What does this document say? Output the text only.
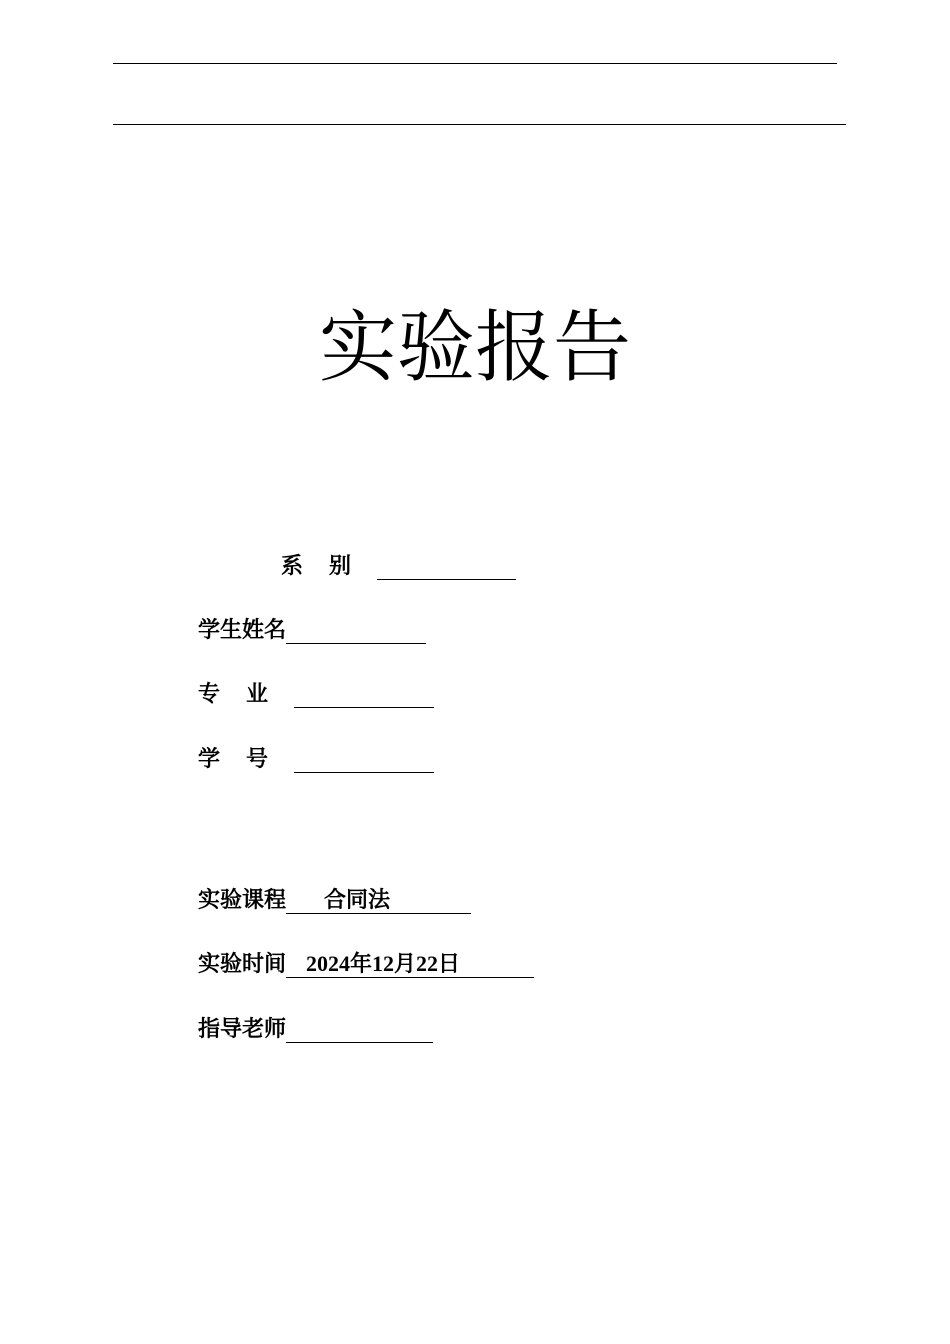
实验报告
系别
学生姓名
专业
学号
实验课程	合同法
实验时间 2024年12月22日
指导老师
